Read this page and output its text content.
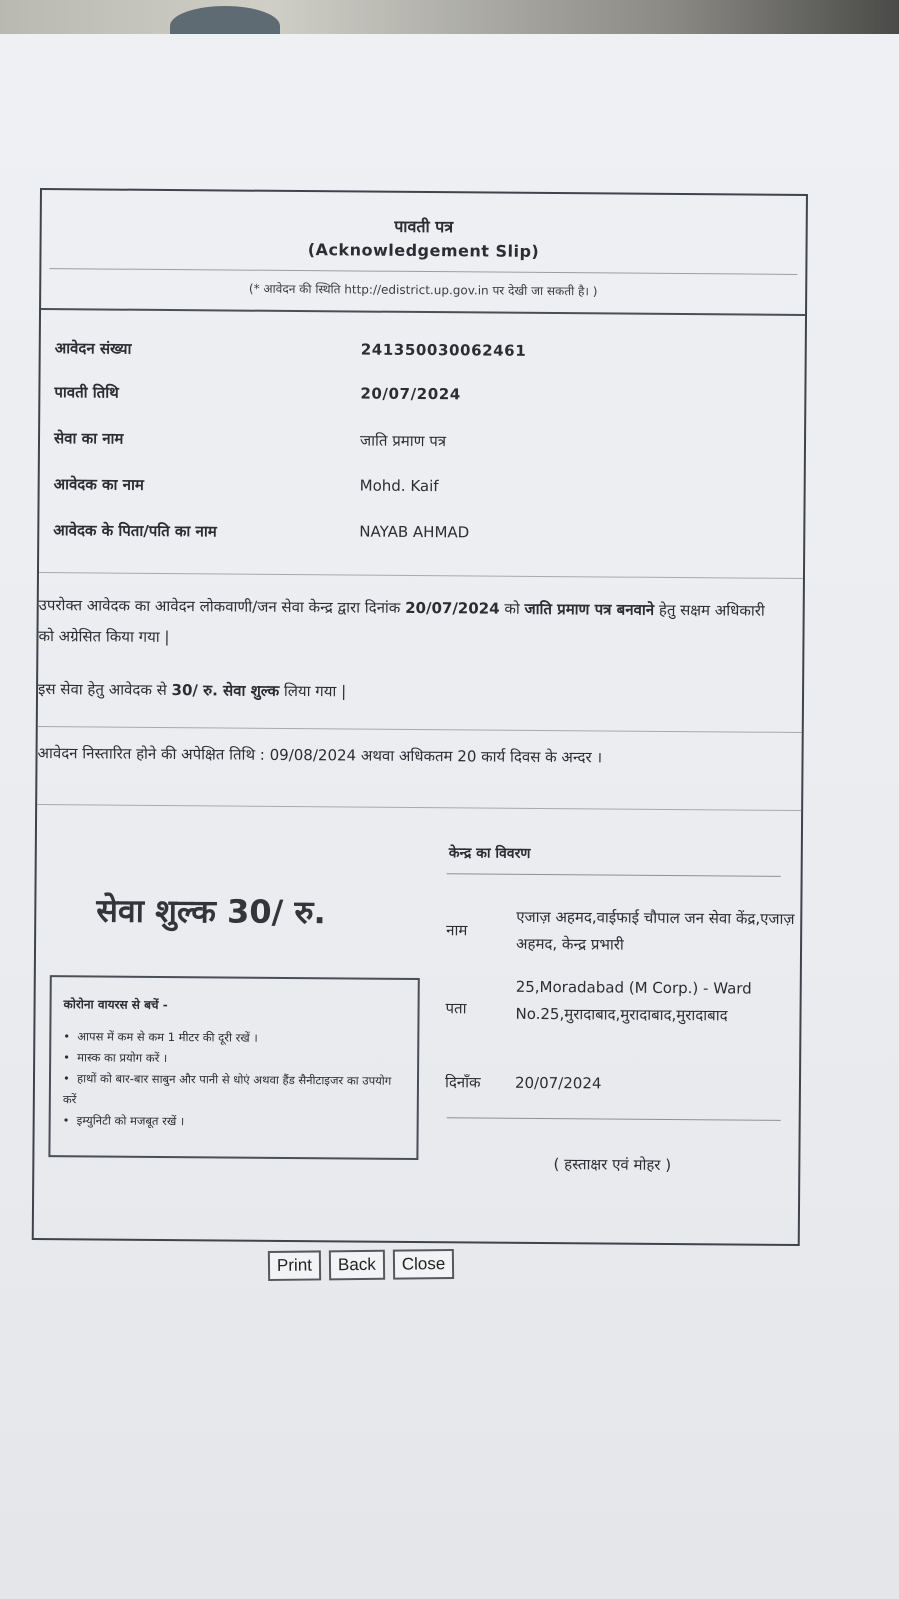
पावती पत्र
(Acknowledgement Slip)
(* आवेदन की स्थिति http://edistrict.up.gov.in पर देखी जा सकती है। )
आवेदन संख्या	241350030062461
पावती तिथि	20/07/2024
सेवा का नाम	जाति प्रमाण पत्र
आवेदक का नाम	Mohd. Kaif
आवेदक के पिता/पति का नाम	NAYAB AHMAD
उपरोक्त आवेदक का आवेदन लोकवाणी/जन सेवा केन्द्र द्वारा दिनांक 20/07/2024 को जाति प्रमाण पत्र बनवाने हेतु सक्षम अधिकारी को अग्रेसित किया गया |
इस सेवा हेतु आवेदक से 30/ रु. सेवा शुल्क लिया गया |
आवेदन निस्तारित होने की अपेक्षित तिथि : 09/08/2024 अथवा अधिकतम 20 कार्य दिवस के अन्दर ।
सेवा शुल्क 30/ रु.
कोरोना वायरस से बचें -
• आपस में कम से कम 1 मीटर की दूरी रखें ।
• मास्क का प्रयोग करें ।
• हाथों को बार-बार साबुन और पानी से धोएं अथवा हैंड सैनीटाइजर का उपयोग करें
• इम्युनिटी को मजबूत रखें ।
केन्द्र का विवरण
नाम
एजाज़ अहमद,वाईफाई चौपाल जन सेवा केंद्र,एजाज़ अहमद, केन्द्र प्रभारी
पता
25,Moradabad (M Corp.) - Ward No.25,मुरादाबाद,मुरादाबाद,मुरादाबाद
दिनाँक 20/07/2024
( हस्ताक्षर एवं मोहर )
Print	Back	Close
